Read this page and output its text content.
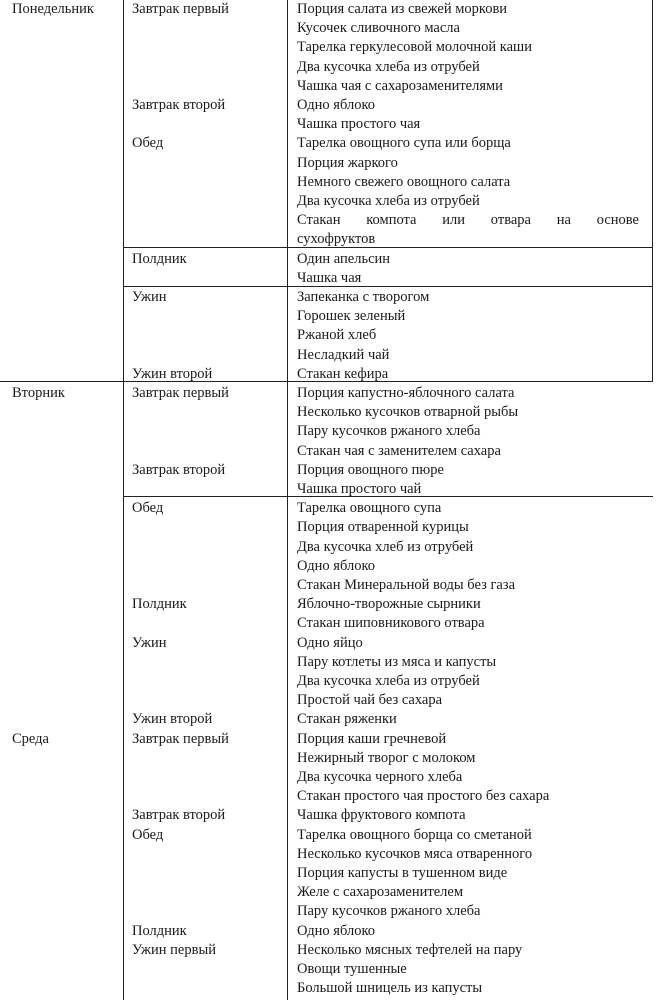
Понедельник	Завтрак первый	Порция салата из свежей моркови
Кусочек сливочного масла
Тарелка геркулесовой молочной каши
Два кусочка хлеба из отрубей
Чашка чая с сахарозаменителями
Завтрак второй	Одно яблоко
Чашка простого чая
Обед	Тарелка овощного супа или борща
Порция жаркого
Немного свежего овощного салата
Два кусочка хлеба из отрубей
Стакан компота или отвара на основе
сухофруктов
Полдник	Один апельсин
Чашка чая
Ужин	Запеканка с творогом
Горошек зеленый
Ржаной хлеб
Несладкий чай
Ужин второй	Стакан кефира
Вторник	Завтрак первый	Порция капустно-яблочного салата
Несколько кусочков отварной рыбы
Пару кусочков ржаного хлеба
Стакан чая с заменителем сахара
Завтрак второй	Порция овощного пюре
Чашка простого чай
Обед	Тарелка овощного супа
Порция отваренной курицы
Два кусочка хлеб из отрубей
Одно яблоко
Стакан Минеральной воды без газа
Полдник	Яблочно-творожные сырники
Стакан шиповникового отвара
Ужин	Одно яйцо
Пару котлеты из мяса и капусты
Два кусочка хлеба из отрубей
Простой чай без сахара
Ужин второй	Стакан ряженки
Среда	Завтрак первый	Порция каши гречневой
Нежирный творог с молоком
Два кусочка черного хлеба
Стакан простого чая простого без сахара
Завтрак второй	Чашка фруктового компота
Обед	Тарелка овощного борща со сметаной
Несколько кусочков мяса отваренного
Порция капусты в тушенном виде
Желе с сахарозаменителем
Пару кусочков ржаного хлеба
Полдник	Одно яблоко
Ужин первый	Несколько мясных тефтелей на пару
Овощи тушенные
Большой шницель из капусты
